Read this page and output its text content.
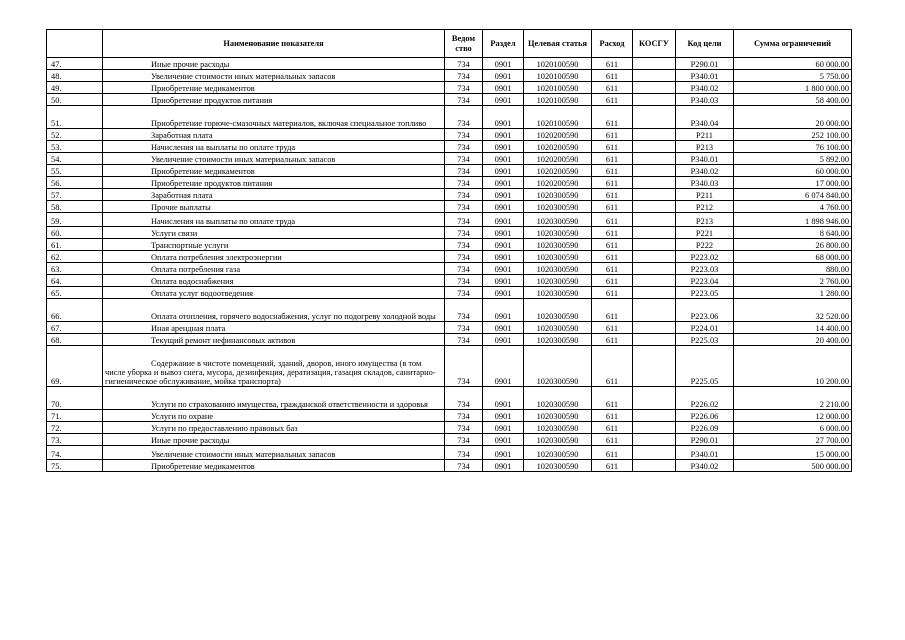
	Наименование показателя	Ведом ство	Раздел	Целевая статья	Расход	КОСГУ	Код цели	Сумма ограничений
47.	Иные прочие расходы	734	0901	1020100590	611		P290.01	60 000.00
48.	Увеличение стоимости иных материальных запасов	734	0901	1020100590	611		P340.01	5 750.00
49.	Приобретение медикаментов	734	0901	1020100590	611		P340.02	1 800 000.00
50.	Приобретение продуктов питания	734	0901	1020100590	611		P340.03	58 400.00
51.	Приобретение горюче-смазочных материалов, включая специальное топливо	734	0901	1020100590	611		P340.04	20 000.00
52.	Заработная плата	734	0901	1020200590	611		P211	252 100.00
53.	Начисления на выплаты по оплате труда	734	0901	1020200590	611		P213	76 100.00
54.	Увеличение стоимости иных материальных запасов	734	0901	1020200590	611		P340.01	5 892.00
55.	Приобретение медикаментов	734	0901	1020200590	611		P340.02	60 000.00
56.	Приобретение продуктов питания	734	0901	1020200590	611		P340.03	17 000.00
57.	Заработная плата	734	0901	1020300590	611		P211	6 074 840.00
58.	Прочие выплаты	734	0901	1020300590	611		P212	4 760.00
59.	Начисления на выплаты по оплате труда	734	0901	1020300590	611		P213	1 898 946.00
60.	Услуги связи	734	0901	1020300590	611		P221	8 640.00
61.	Транспортные услуги	734	0901	1020300590	611		P222	26 800.00
62.	Оплата потребления электроэнергии	734	0901	1020300590	611		P223.02	68 000.00
63.	Оплата потребления газа	734	0901	1020300590	611		P223.03	880.00
64.	Оплата водоснабжения	734	0901	1020300590	611		P223.04	2 760.00
65.	Оплата услуг водоотведения	734	0901	1020300590	611		P223.05	1 280.00
66.	Оплата отопления, горячего водоснабжения, услуг по подогреву холодной воды	734	0901	1020300590	611		P223.06	32 520.00
67.	Иная арендная плата	734	0901	1020300590	611		P224.01	14 400.00
68.	Текущий ремонт нефинансовых активов	734	0901	1020300590	611		P225.03	20 400.00
69.	Содержание в чистоте помещений, зданий, дворов, иного имущества (в том числе уборка и вывоз снега, мусора, дезинфекция, дератизация, газация складов, санитарно-гигиеническое обслуживание, мойка транспорта)	734	0901	1020300590	611		P225.05	10 200.00
70.	Услуги по страхованию имущества, гражданской ответственности и здоровья	734	0901	1020300590	611		P226.02	2 210.00
71.	Услуги по охране	734	0901	1020300590	611		P226.06	12 000.00
72.	Услуги по предоставлению правовых баз	734	0901	1020300590	611		P226.09	6 000.00
73.	Иные прочие расходы	734	0901	1020300590	611		P290.01	27 700.00
74.	Увеличение стоимости иных материальных запасов	734	0901	1020300590	611		P340.01	15 000.00
75.	Приобретение медикаментов	734	0901	1020300590	611		P340.02	500 000.00
